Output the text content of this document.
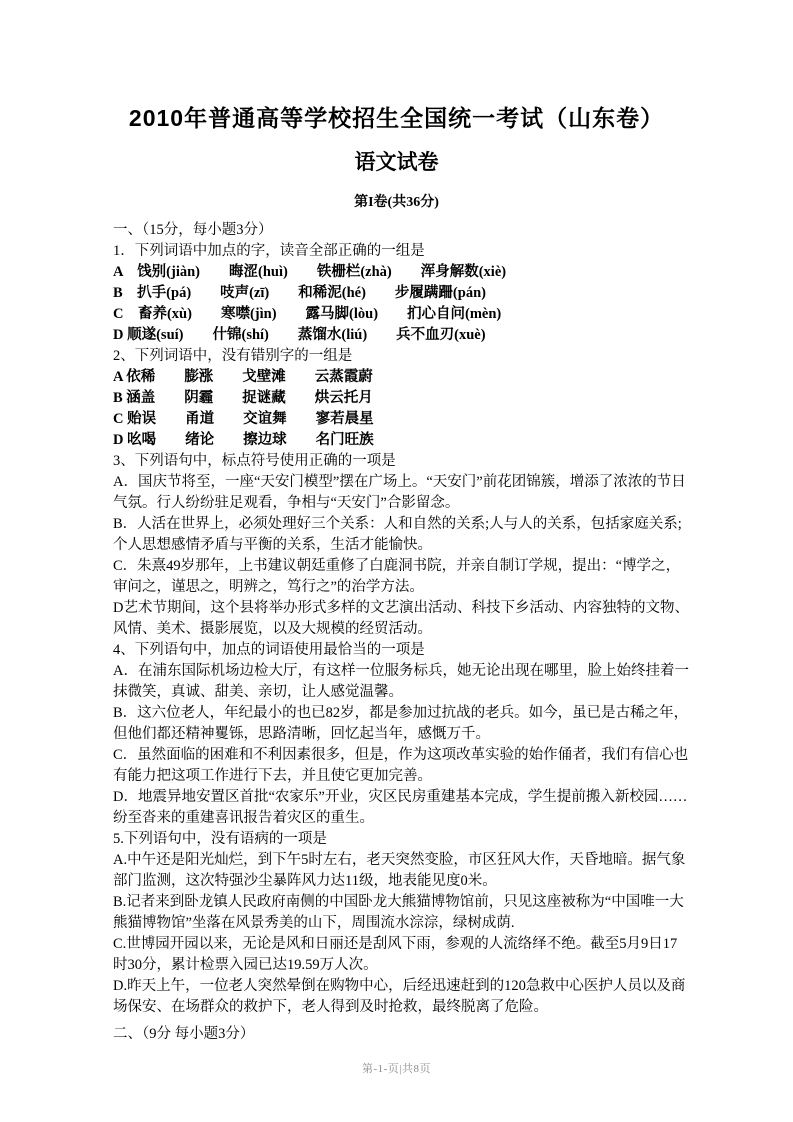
2010年普通高等学校招生全国统一考试（山东卷）
语文试卷
第I卷(共36分)
一、（15分，每小题3分）
1．下列词语中加点的字，读音全部正确的一组是
A　饯别(jiàn)　　晦涩(huì)　　铁栅栏(zhà)　　浑身解数(xiè)
B　扒手(pá)　　吱声(zī)　　和稀泥(hé)　　步履蹒跚(pán)
C　畜养(xù)　　寒噤(jìn)　　露马脚(lòu)　　扪心自问(mèn)
D 顺遂(suí)　　什锦(shí)　　蒸馏水(liú)　　兵不血刃(xuè)
2、下列词语中，没有错别字的一组是
A 依稀　　膨涨　　戈壁滩　　云蒸霞蔚
B 涵盖　　阴霾　　捉谜藏　　烘云托月
C 贻误　　甬道　　交谊舞　　寥若晨星
D 吆喝　　绪论　　擦边球　　名门旺族
3、下列语句中，标点符号使用正确的一项是
A．国庆节将至，一座“天安门模型”摆在广场上。“天安门”前花团锦簇，增添了浓浓的节日气氛。行人纷纷驻足观看，争相与“天安门”合影留念。
B．人活在世界上，必须处理好三个关系：人和自然的关系;人与人的关系，包括家庭关系;个人思想感情矛盾与平衡的关系，生活才能愉快。
C．朱熹49岁那年，上书建议朝廷重修了白鹿洞书院，并亲自制订学规，提出：“博学之，审问之，谨思之，明辨之，笃行之”的治学方法。
D艺术节期间，这个县将举办形式多样的文艺演出活动、科技下乡活动、内容独特的文物、风情、美术、摄影展览，以及大规模的经贸活动。
4、下列语句中，加点的词语使用最恰当的一项是
A．在浦东国际机场边检大厅，有这样一位服务标兵，她无论出现在哪里，脸上始终挂着一抹微笑，真诚、甜美、亲切，让人感觉温馨。
B．这六位老人，年纪最小的也已82岁，都是参加过抗战的老兵。如今，虽已是古稀之年，但他们都还精神矍铄，思路清晰，回忆起当年，感慨万千。
C．虽然面临的困难和不利因素很多，但是，作为这项改革实验的始作俑者，我们有信心也有能力把这项工作进行下去，并且使它更加完善。
D．地震异地安置区首批“农家乐”开业，灾区民房重建基本完成，学生提前搬入新校园……纷至沓来的重建喜讯报告着灾区的重生。
5.下列语句中，没有语病的一项是
A.中午还是阳光灿烂，到下午5时左右，老天突然变脸，市区狂风大作，天昏地暗。据气象部门监测，这次特强沙尘暴阵风力达11级，地表能见度0米。
B.记者来到卧龙镇人民政府南侧的中国卧龙大熊猫博物馆前，只见这座被称为“中国唯一大熊猫博物馆”坐落在风景秀美的山下，周围流水淙淙，绿树成荫.
C.世博园开园以来，无论是风和日丽还是刮风下雨，参观的人流络绎不绝。截至5月9日17时30分，累计检票入园已达19.59万人次。
D.昨天上午，一位老人突然晕倒在购物中心，后经迅速赶到的120急救中心医护人员以及商场保安、在场群众的救护下，老人得到及时抢救，最终脱离了危险。
二、（9分 每小题3分）
第-1-页|共8页
